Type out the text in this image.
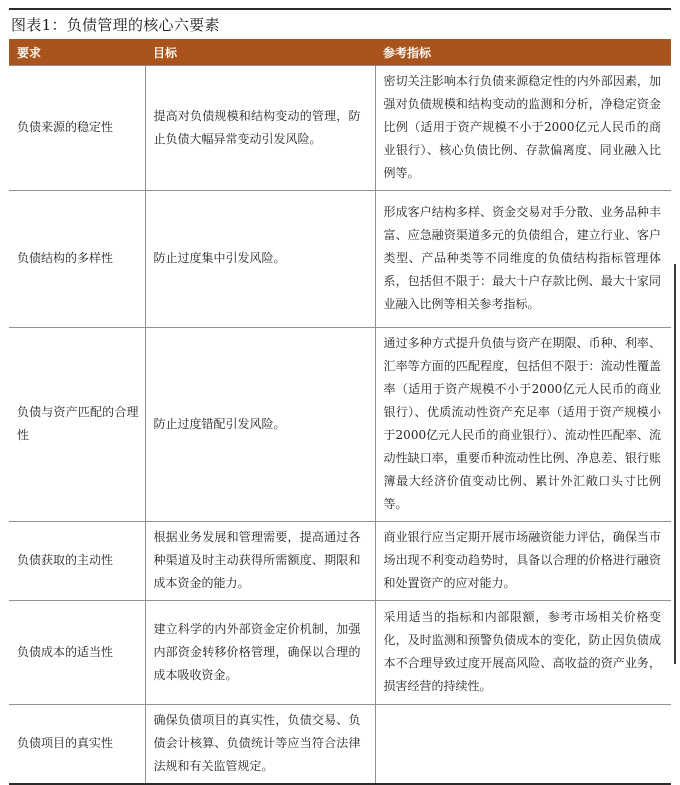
图表1：负债管理的核心六要素
要求	目标	参考指标
负债来源的稳定性	提高对负债规模和结构变动的管理，防止负债大幅异常变动引发风险。	密切关注影响本行负债来源稳定性的内外部因素，加强对负债规模和结构变动的监测和分析，净稳定资金比例（适用于资产规模不小于2000亿元人民币的商业银行）、核心负债比例、存款偏离度、同业融入比例等。
负债结构的多样性	防止过度集中引发风险。	形成客户结构多样、资金交易对手分散、业务品种丰富、应急融资渠道多元的负债组合，建立行业、客户类型、产品种类等不同维度的负债结构指标管理体系，包括但不限于：最大十户存款比例、最大十家同业融入比例等相关参考指标。
负债与资产匹配的合理性	防止过度错配引发风险。	通过多种方式提升负债与资产在期限、币种、利率、汇率等方面的匹配程度，包括但不限于：流动性覆盖率（适用于资产规模不小于2000亿元人民币的商业银行）、优质流动性资产充足率（适用于资产规模小于2000亿元人民币的商业银行）、流动性匹配率、流动性缺口率，重要币种流动性比例、净息差、银行账簿最大经济价值变动比例、累计外汇敞口头寸比例等。
负债获取的主动性	根据业务发展和管理需要，提高通过各种渠道及时主动获得所需额度、期限和成本资金的能力。	商业银行应当定期开展市场融资能力评估，确保当市场出现不利变动趋势时，具备以合理的价格进行融资和处置资产的应对能力。
负债成本的适当性	建立科学的内外部资金定价机制，加强内部资金转移价格管理，确保以合理的成本吸收资金。	采用适当的指标和内部限额，参考市场相关价格变化，及时监测和预警负债成本的变化，防止因负债成本不合理导致过度开展高风险、高收益的资产业务，损害经营的持续性。
负债项目的真实性	确保负债项目的真实性，负债交易、负债会计核算、负债统计等应当符合法律法规和有关监管规定。	
